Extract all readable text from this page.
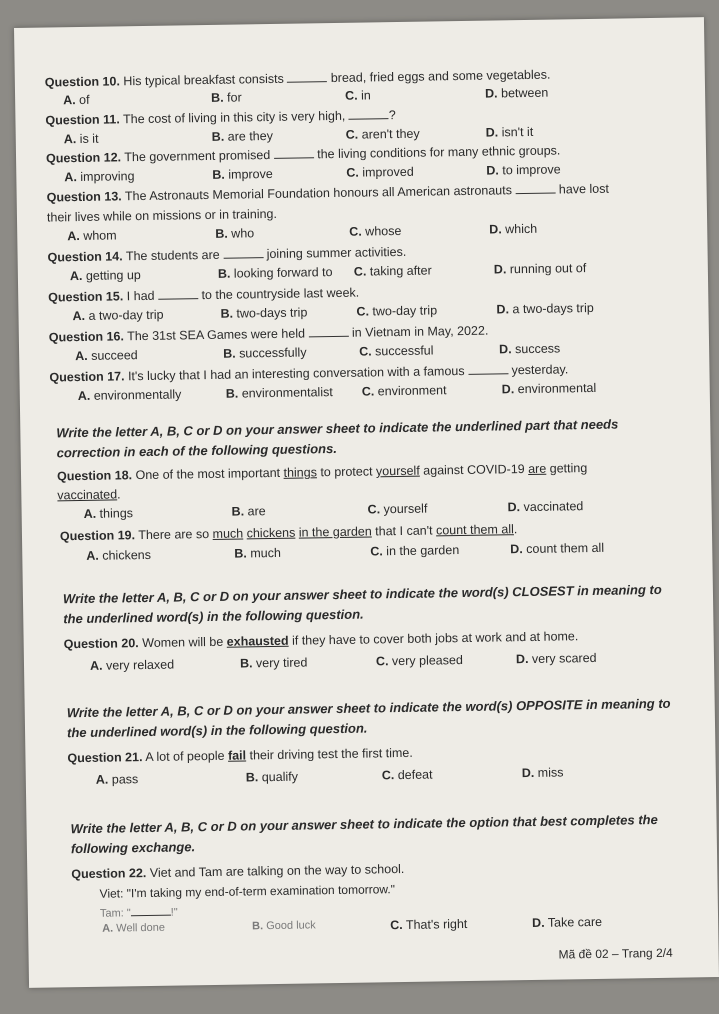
Question 10. His typical breakfast consists	bread, fried eggs and some vegetables.
A. of	B. for	C. in	D. between
Question 11. The cost of living in this city is very high,	?
A. is it	B. are they	C. aren't they	D. isn't it
Question 12. The government promised	the living conditions for many ethnic groups.
A. improving	B. improve	C. improved	D. to improve
Question 13. The Astronauts Memorial Foundation honours all American astronauts	have lost
their lives while on missions or in training.
A. whom	B. who	C. whose	D. which
Question 14. The students are	joining summer activities.
A. getting up	B. looking forward to C. taking after	D. running out of
Question 15. I had	to the countryside last week.
A. a two-day trip	B. two-days trip	C. two-day trip	D. a two-days trip
Question 16. The 31st SEA Games were held	in Vietnam in May, 2022.
A. succeed	B. successfully	C. successful	D. success
Question 17. It's lucky that I had an interesting conversation with a famous	yesterday.
A. environmentally	B. environmentalist C. environment	D. environmental
Write the letter A, B, C or D on your answer sheet to indicate the underlined part that needs correction in each of the following questions.
Question 18. One of the most important things to protect yourself against COVID-19 are getting
vaccinated.
A. things	B. are	C. yourself	D. vaccinated
Question 19. There are so much chickens in the garden that I can't count them all.
A. chickens	B. much	C. in the garden	D. count them all
Write the letter A, B, C or D on your answer sheet to indicate the word(s) CLOSEST in meaning to the underlined word(s) in the following question.
Question 20. Women will be exhausted if they have to cover both jobs at work and at home.
A. very relaxed	B. very tired	C. very pleased	D. very scared
Write the letter A, B, C or D on your answer sheet to indicate the word(s) OPPOSITE in meaning to the underlined word(s) in the following question.
Question 21. A lot of people fail their driving test the first time.
A. pass	B. qualify	C. defeat	D. miss
Write the letter A, B, C or D on your answer sheet to indicate the option that best completes the following exchange.
Question 22. Viet and Tam are talking on the way to school.
Viet: "I'm taking my end-of-term examination tomorrow."
Tam: "	!"
A. Well done	B. Good luck	C. That's right	D. Take care
Mã đề 02 – Trang 2/4
